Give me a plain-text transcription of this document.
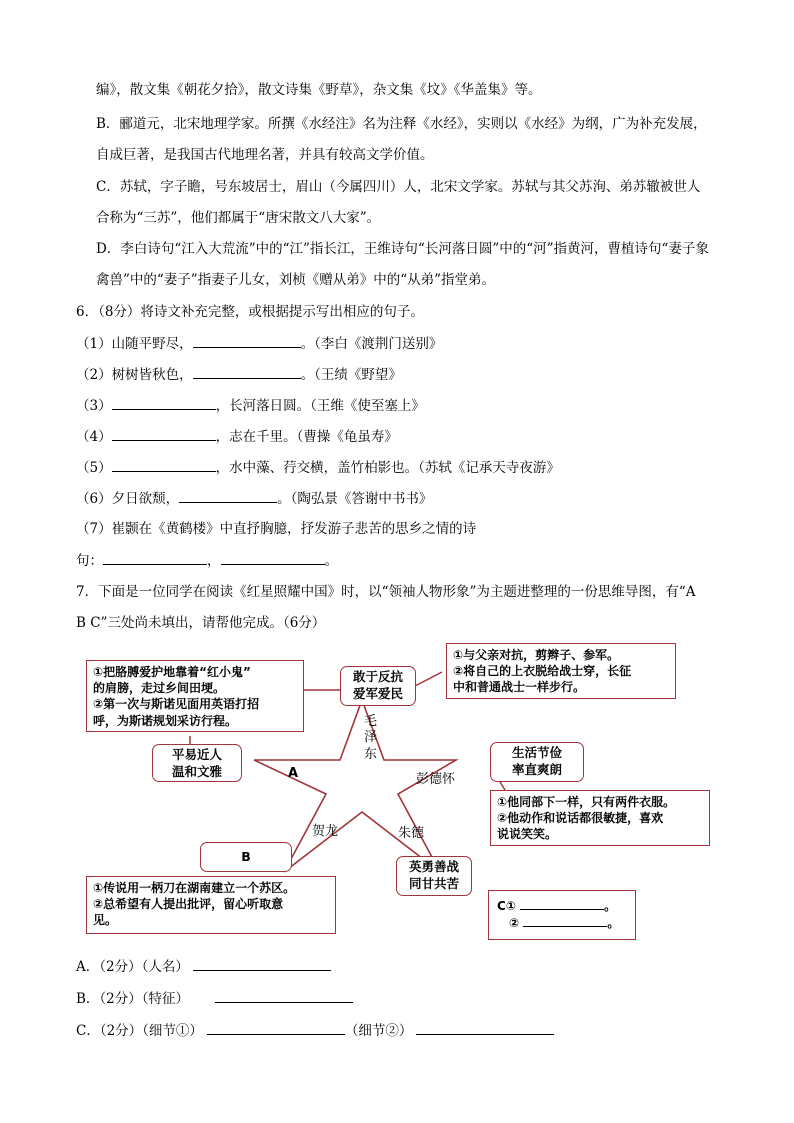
编》，散文集《朝花夕拾》，散文诗集《野草》，杂文集《坟》《华盖集》等。
B．郦道元，北宋地理学家。所撰《水经注》名为注释《水经》，实则以《水经》为纲，广为补充发展，
自成巨著，是我国古代地理名著，并具有较高文学价值。
C．苏轼，字子瞻，号东坡居士，眉山（今属四川）人，北宋文学家。苏轼与其父苏洵、弟苏辙被世人
合称为“三苏”，他们都属于“唐宋散文八大家”。
D．李白诗句“江入大荒流”中的“江”指长江，王维诗句“长河落日圆”中的“河”指黄河，曹植诗句“妻子象
禽兽”中的“妻子”指妻子儿女，刘桢《赠从弟》中的“从弟”指堂弟。
6．（8分）将诗文补充完整，或根据提示写出相应的句子。
（1）山随平野尽，	。（李白《渡荆门送别》
（2）树树皆秋色，	。（王绩《野望》
（3）	，长河落日圆。（王维《使至塞上》
（4）	，志在千里。（曹操《龟虽寿》
（5）	，水中藻、荇交横，盖竹柏影也。（苏轼《记承天寺夜游》
（6）夕日欲颓，	。（陶弘景《答谢中书书》
（7）崔颢在《黄鹤楼》中直抒胸臆，抒发游子悲苦的思乡之情的诗
句：	，	。
7．下面是一位同学在阅读《红星照耀中国》时，以“领袖人物形象”为主题进整理的一份思维导图，有“A
B C”三处尚未填出，请帮他完成。（6分）
①把胳膊爱护地靠着“红小鬼”
的肩膀，走过乡间田埂。
②第一次与斯诺见面用英语打招
呼，为斯诺规划采访行程。
①与父亲对抗，剪辫子、参军。
②将自己的上衣脱给战士穿，长征
中和普通战士一样步行。
①他同部下一样，只有两件衣服。
②他动作和说话都很敏捷，喜欢
说说笑笑。
①传说用一柄刀在湖南建立一个苏区。
②总希望有人提出批评，留心听取意
见。
C①	。
②	。
敢于反抗
爱军爱民
平易近人
温和文雅
生活节俭
率直爽朗
英勇善战
同甘共苦
B
毛
泽
东
彭德怀
朱德
贺龙
A
A．（2分）（人名）
B．（2分）（特征）
C．（2分）（细节①）	（细节②）
